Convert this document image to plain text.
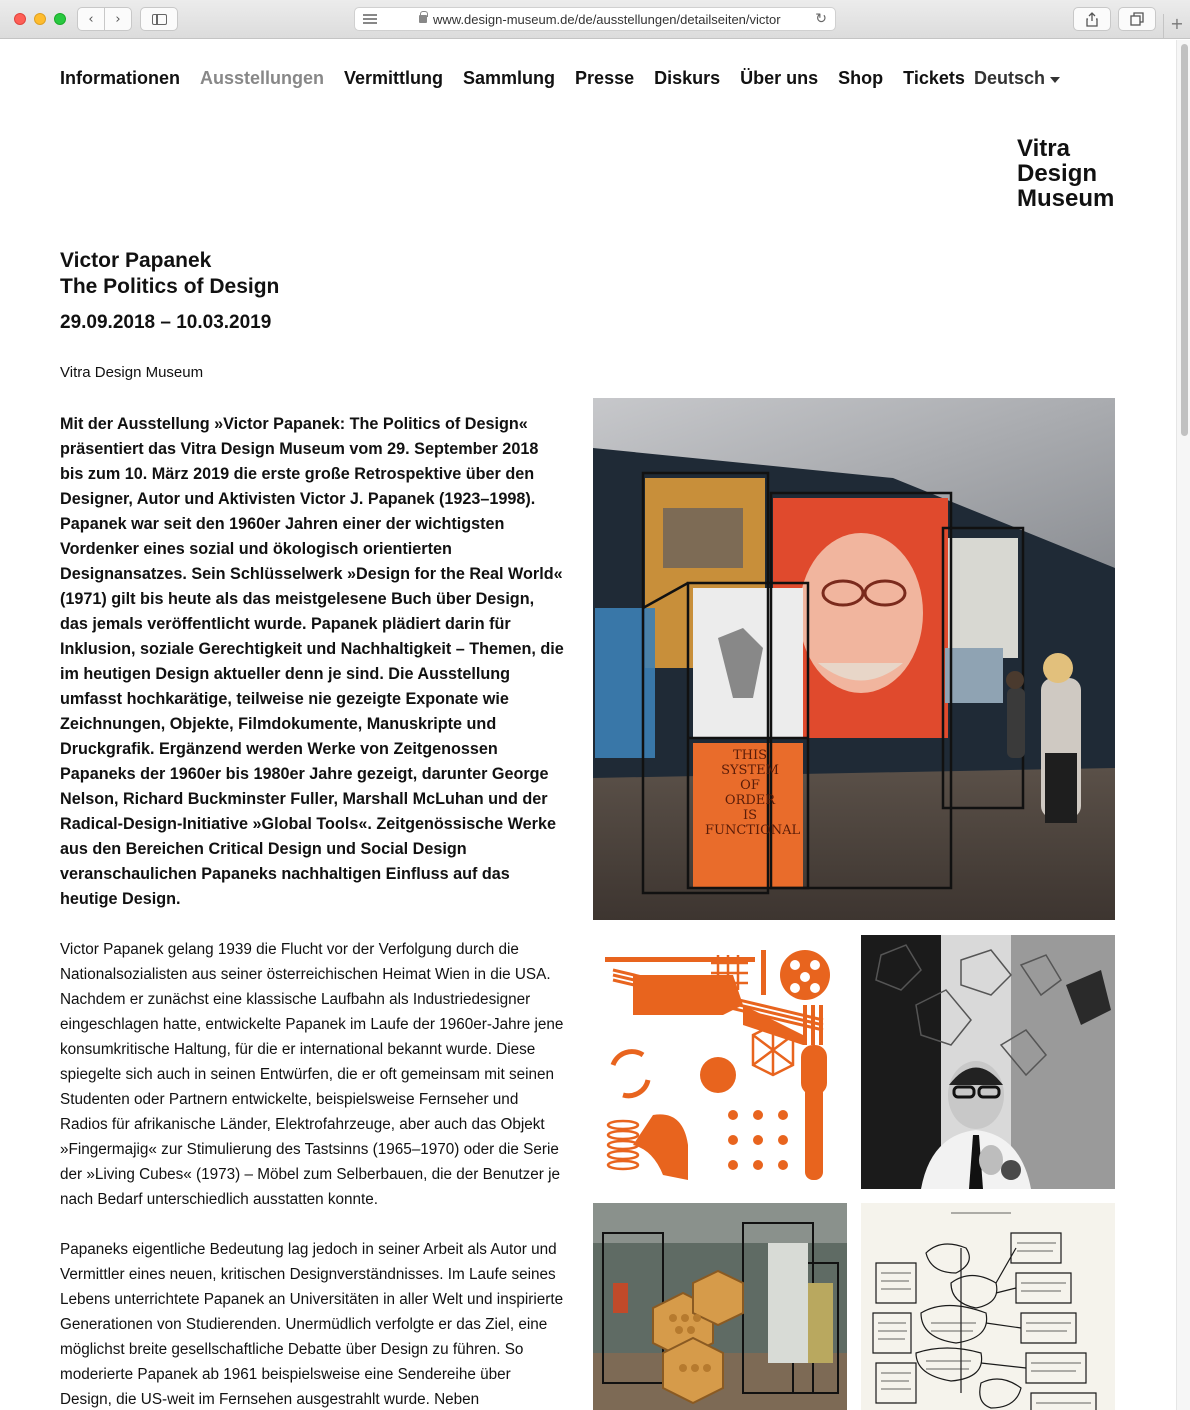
‹	›	www.design-museum.de/de/ausstellungen/detailseiten/victor ↻	+
Informationen Ausstellungen Vermittlung Sammlung Presse Diskurs Über uns Shop Tickets Deutsch
Vitra
Design
Museum
Victor Papanek
The Politics of Design
29.09.2018 – 10.03.2019
Vitra Design Museum

Mit der Ausstellung »Victor Papanek: The Politics of Design« präsentiert das Vitra Design Museum vom 29. September 2018 bis zum 10. März 2019 die erste große Retrospektive über den Designer, Autor und Aktivisten Victor J. Papanek (1923–1998). Papanek war seit den 1960er Jahren einer der wichtigsten Vordenker eines sozial und ökologisch orientierten Designansatzes. Sein Schlüsselwerk »Design for the Real World« (1971) gilt bis heute als das meistgelesene Buch über Design, das jemals veröffentlicht wurde. Papanek plädiert darin für Inklusion, soziale Gerechtigkeit und Nachhaltigkeit – Themen, die im heutigen Design aktueller denn je sind. Die Ausstellung umfasst hochkarätige, teilweise nie gezeigte Exponate wie Zeichnungen, Objekte, Filmdokumente, Manuskripte und Druckgrafik. Ergänzend werden Werke von Zeitgenossen Papaneks der 1960er bis 1980er Jahre gezeigt, darunter George Nelson, Richard Buckminster Fuller, Marshall McLuhan und der Radical-Design-Initiative »Global Tools«. Zeitgenössische Werke aus den Bereichen Critical Design und Social Design veranschaulichen Papaneks nachhaltigen Einfluss auf das heutige Design.

Victor Papanek gelang 1939 die Flucht vor der Verfolgung durch die Nationalsozialisten aus seiner österreichischen Heimat Wien in die USA. Nachdem er zunächst eine klassische Laufbahn als Industriedesigner eingeschlagen hatte, entwickelte Papanek im Laufe der 1960er-Jahre jene konsumkritische Haltung, für die er international bekannt wurde. Diese spiegelte sich auch in seinen Entwürfen, die er oft gemeinsam mit seinen Studenten oder Partnern entwickelte, beispielsweise Fernseher und Radios für afrikanische Länder, Elektrofahrzeuge, aber auch das Objekt »Fingermajig« zur Stimulierung des Tastsinns (1965–1970) oder die Serie der »Living Cubes« (1973) – Möbel zum Selberbauen, die der Benutzer je nach Bedarf unterschiedlich ausstatten konnte.

Papaneks eigentliche Bedeutung lag jedoch in seiner Arbeit als Autor und Vermittler eines neuen, kritischen Designverständnisses. Im Laufe seines Lebens unterrichtete Papanek an Universitäten in aller Welt und inspirierte Generationen von Studierenden. Unermüdlich verfolgte er das Ziel, eine möglichst breite gesellschaftliche Debatte über Design zu führen. So moderierte Papanek ab 1961 beispielsweise eine Sendereihe über Design, die US-weit im Fernsehen ausgestrahlt wurde. Neben

THIS
SYSTEM
OF
ORDER
IS
FUNCTIONAL
